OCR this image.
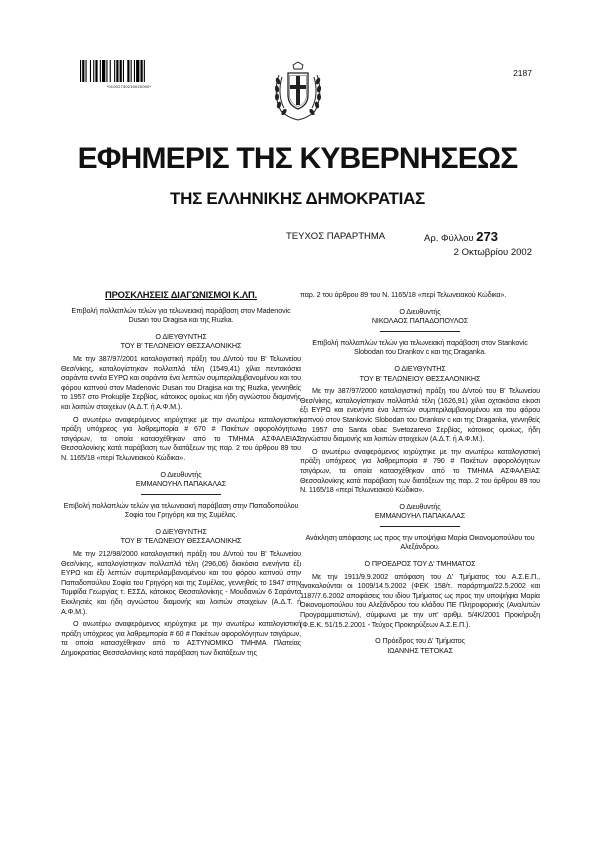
*01002730210020000*
2187
ΕΦΗΜΕΡΙΣ ΤΗΣ ΚΥΒΕΡΝΗΣΕΩΣ
ΤΗΣ ΕΛΛΗΝΙΚΗΣ ΔΗΜΟΚΡΑΤΙΑΣ
ΤΕΥΧΟΣ ΠΑΡΑΡΤΗΜΑ	Αρ. Φύλλου 273
2 Οκτωβρίου 2002
ΠΡΟΣΚΛΗΣΕΙΣ ΔΙΑΓΩΝΙΣΜΟΙ Κ.ΛΠ.

Επιβολή πολλαπλών τελών για τελωνειακή παράβαση στον Madenovic Dusan του Dragisa και της Ruzka.

Ο ΔΙΕΥΘΥΝΤΗΣ

ΤΟΥ Β' ΤΕΛΩΝΕΙΟΥ ΘΕΣΣΑΛΟΝΙΚΗΣ

Με την 387/97/2001 καταλογιστική πράξη του Δ/ντού του Β' Τελωνείου Θεσ/νίκης, καταλογίστηκαν πολλαπλά τέλη (1549,41) χίλια πεντακόσια σαράντα εννέα ΕΥΡΩ και σαράντα ένα λεπτών συμπεριλαμβανομένου και του φόρου καπνού στον Madenovic Dusan του Dragisa και της Ruzka, γεννηθείς το 1957 στο Prokuplje Σερβίας, κάτοικος ομοίως και ήδη αγνώστου διαμονής και λοιπών στοιχείων (Α.Δ.Τ. ή Α.Φ.Μ.).

Ο ανωτέρω αναφερόμενος κηρύχτηκε με την ανωτέρω καταλογιστική πράξη υπόχρεος για λαθρεμπορία # 670 # Πακέτων αφορολόγητων τσιγάρων, τα οποία κατασχέθηκαν από το ΤΜΗΜΑ ΑΣΦΑΛΕΙΑΣ Θεσσαλονίκης κατά παράβαση των διατάξεων της παρ. 2 του άρθρου 89 του Ν. 1165/18 «περί Τελωνειακού Κώδικα».

Ο Διευθυντής

ΕΜΜΑΝΟΥΗΛ ΠΑΠΑΚΑΛΑΣ

Επιβολή πολλαπλών τελών για τελωνειακή παράβαση στην Παπαδοπούλου Σοφία του Γρηγόρη και της Συμέλας.

Ο ΔΙΕΥΘΥΝΤΗΣ

ΤΟΥ Β' ΤΕΛΩΝΕΙΟΥ ΘΕΣΣΑΛΟΝΙΚΗΣ

Με την 212/98/2000 καταλογιστική πράξη του Δ/ντού του Β' Τελωνείου Θεσ/νίκης, καταλογίστηκαν πολλαπλά τέλη (296,06) διακόσια ενενήντα έξι ΕΥΡΩ και έξι λεπτών συμπεριλαμβανομένου και του φόρου καπνού στην Παπαδοπούλου Σοφία του Γρηγόρη και της Συμέλας, γεννηθείς το 1947 στην Τυμφίδα Γεωργίας τ. ΕΣΣΔ, κάτοικος Θεσσαλονίκης - Μουδανιών 6 Σαράντα Εκκλησιές και ήδη αγνώστου διαμονής και λοιπών στοιχείων (Α.Δ.Τ. ή Α.Φ.Μ.).

Ο ανωτέρω αναφερόμενος κηρύχτηκε με την ανωτέρω καταλογιστική πράξη υπόχρεος για λαθρεμπορία # 60 # Πακέτων αφορολόγητων τσιγάρων, τα οποία κατασχέθηκαν από το ΑΣΤΥΝΟΜΙΚΟ ΤΜΗΜΑ Πλατείας Δημοκρατίας Θεσσαλονίκης κατά παράβαση των διατάξεων της

παρ. 2 του άρθρου 89 του Ν. 1165/18 «περί Τελωνειακού Κώδικα».

Ο Διευθυντής

ΝΙΚΟΛΑΟΣ ΠΑΠΑΔΟΠΟΥΛΟΣ

Επιβολή πολλαπλών τελών για τελωνειακή παράβαση στον Stankovic Slobodan του Drankov c και της Draganka.

Ο ΔΙΕΥΘΥΝΤΗΣ

ΤΟΥ Β' ΤΕΛΩΝΕΙΟΥ ΘΕΣΣΑΛΟΝΙΚΗΣ

Με την 387/97/2000 καταλογιστική πράξη του Δ/ντού του Β' Τελωνείου Θεσ/νίκης, καταλογίστηκαν πολλαπλά τέλη (1626,91) χίλια οχτακόσια είκοσι έξι ΕΥΡΩ και ενενήντα ένα λεπτών συμπεριλαμβανομένου και του φόρου καπνού στον Stankovic Slobodan του Drankov c και της Draganka, γεννηθείς το 1957 στο Santa obac Svetozarevo Σερβίας, κάτοικος ομοίως, ήδη αγνώστου διαμονής και λοιπών στοιχείων (Α.Δ.Τ. ή Α.Φ.Μ.).

Ο ανωτέρω αναφερόμενος κηρύχτηκε με την ανωτέρω καταλογιστική πράξη υπόχρεος για λαθρεμπορία # 790 # Πακέτων αφορολόγητων τσιγάρων, τα οποία κατασχέθηκαν από το ΤΜΗΜΑ ΑΣΦΑΛΕΙΑΣ Θεσσαλονίκης κατά παράβαση των διατάξεων της παρ. 2 του άρθρου 89 του Ν. 1165/18 «περί Τελωνειακού Κώδικα».

Ο Διευθυντής

ΕΜΜΑΝΟΥΗΛ ΠΑΠΑΚΑΛΑΣ

Ανάκληση απόφασης ως προς την υποψήφια Μαρία Οικονομοπούλου του Αλεξάνδρου.

Ο ΠΡΟΕΔΡΟΣ ΤΟΥ Δ' ΤΜΗΜΑΤΟΣ

Με την 1911/9.9.2002 απόφαση του Δ' Τμήματος του Α.Σ.Ε.Π., ανακαλούνται οι 1009/14.5.2002 (ΦΕΚ 158/τ. παράρτημα/22.5.2002 και 1187/7.6.2002 αποφάσεις του ιδίου Τμήματος ως προς την υποψήφια Μαρία Οικονομοπούλου του Αλεξάνδρου του κλάδου ΠΕ Πληροφορικής (Αναλυτών Προγραμματιστών), σύμφωνα με την υπ' αριθμ. 5/4Κ/2001 Προκήρυξη (Φ.Ε.Κ. 51/15.2.2001 - Τεύχος Προκηρύξεων Α.Σ.Ε.Π.).

Ο Πρόεδρος του Δ' Τμήματος

ΙΩΑΝΝΗΣ ΤΕΤΟΚΑΣ
